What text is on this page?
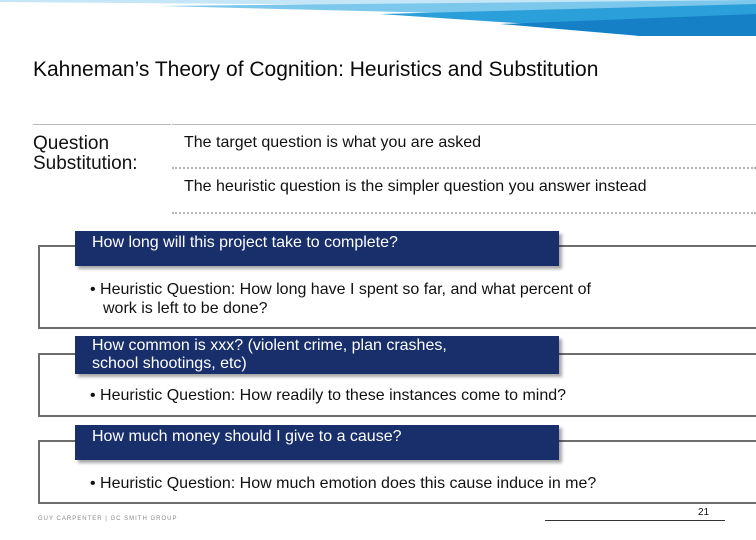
Kahneman’s Theory of Cognition: Heuristics and Substitution
Question
Substitution:
The target question is what you are asked
The heuristic question is the simpler question you answer instead
How long will this project take to complete?
• Heuristic Question: How long have I spent so far, and what percent of
work is left to be done?
How common is xxx? (violent crime, plan crashes,
school shootings, etc)
• Heuristic Question: How readily to these instances come to mind?
How much money should I give to a cause?
• Heuristic Question: How much emotion does this cause induce in me?
GUY CARPENTER | GC SMITH GROUP
21
